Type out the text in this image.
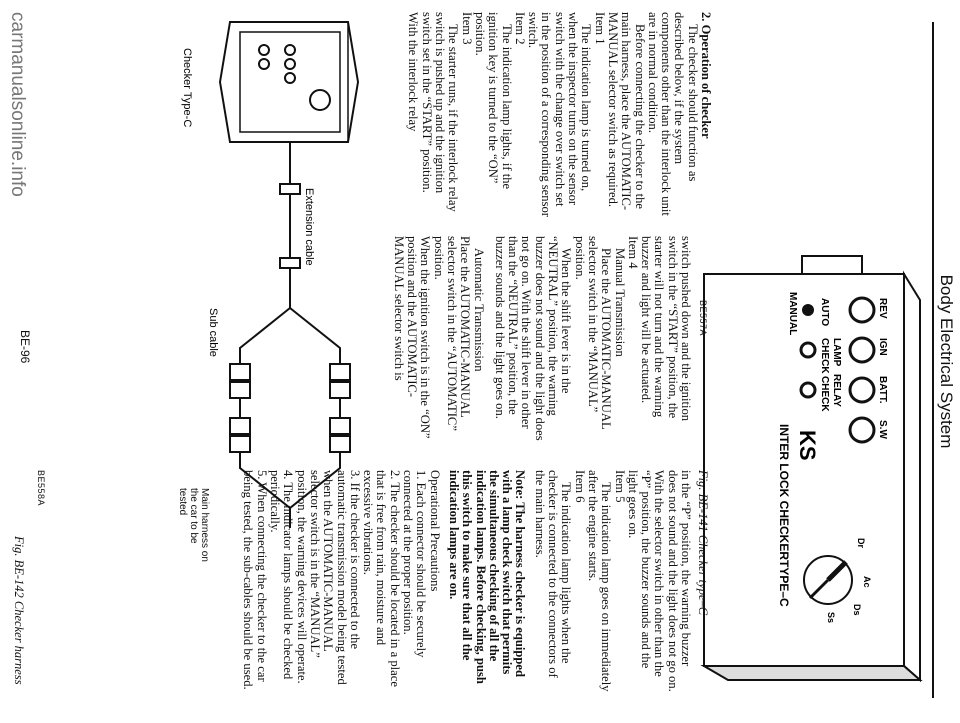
Body Electrical System
REV
IGN
BATT.
S.W
LAMP
RELAY
AUTO
CHECK
CHECK
MANUAL
KS
INTER LOCK CHECKERTYPE–C	Dr
Ac
Ds
Ss
BE557A
Fig. BE-141 Checker type–C

2. Operation of checker

The checker should function as described below, if the system components other than the interlock unit are in normal condition.

Before connecting the checker to the main harness, place the AUTOMATIC-MANUAL selector switch as required.

Item 1

The indication lamp is turned on, when the inspector turns on the sensor switch with the change over switch set in the position of a corresponding sensor switch.

Item 2

The indication lamp lights, if the ignition key is turned to the “ON” position.

Item 3

The starter runs, if the interlock relay switch is pushed up and the ignition switch set in the “START” position. With the interlock relay

switch pushed down and the ignition switch in the “START” position, the starter will not turn and the warning buzzer and light will be actuated.

Item 4

Manual Transmission

Place the AUTOMATIC-MANUAL selector switch in the “MANUAL” position.

When the shift lever is in the “NEUTRAL” position, the warning buzzer does not sound and the light does not go on. With the shift lever in other than the “NEUTRAL” position, the buzzer sounds and the light goes on.

Automatic Transmission

Place the AUTOMATIC-MANUAL selector switch in the “AUTOMATIC” position.

When the ignition switch is in the “ON” position and the AUTOMATIC-MANUAL selector switch is

in the “P” position, the warning buzzer does not sound and the light does not go on. With the selector switch in other than the “P” position, the buzzer sounds and the light goes on.

Item 5

The indication lamp goes on immediately after the engine starts.

Item 6

The indication lamp lights when the checker is connected to the connectors of the main harness.

Note: The harness checker is equipped with a lamp check switch that permits the simultaneous checking of all the indication lamps. Before checking, push this switch to make sure that all the indication lamps are on.

Operational Precautions

1. Each connector should be securely connected at the proper position.

2. The checker should be located in a place that is free from rain, moisture and excessive vibrations.

3. If the checker is connected to the automatic transmission model being tested when the AUTOMATIC-MANUAL selector switch is in the “MANUAL” position, the warning devices will operate.

4. The indicator lamps should be checked periodically.

5. When connecting the checker to the car being tested, the sub-cables should be used.

Checker Type-C
Extension cable
Sub cable
Main harness on the car to be tested
BE558A
Fig. BE-142 Checker harness
BE-96
carmanualsonline.info
